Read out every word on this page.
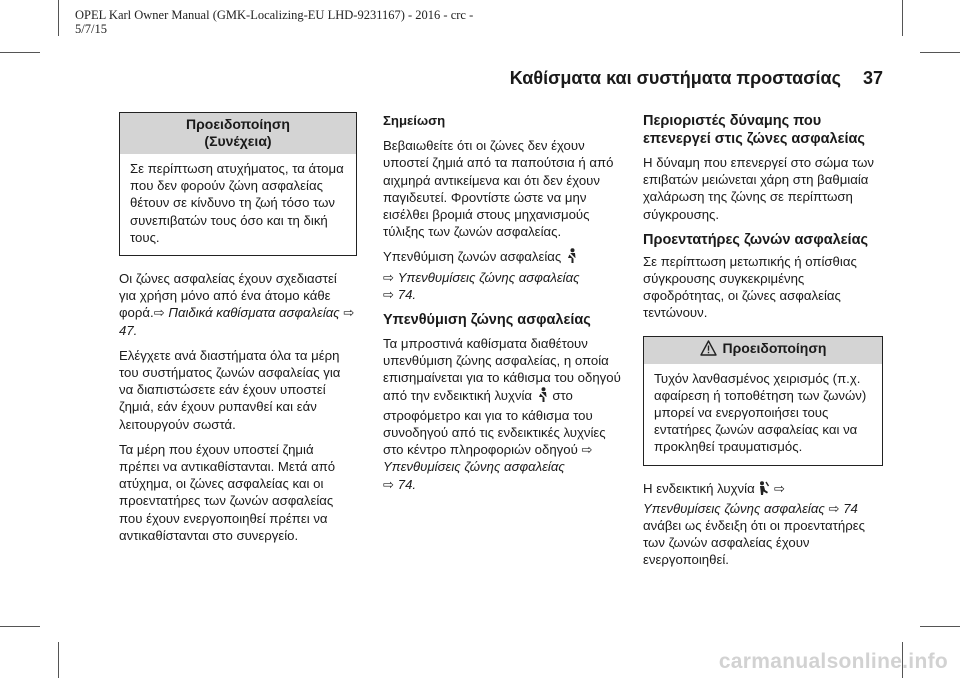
OPEL Karl Owner Manual (GMK-Localizing-EU LHD-9231167) - 2016 - crc -
5/7/15
Καθίσματα και συστήματα προστασίας 37
Προειδοποίηση
(Συνέχεια)
Σε περίπτωση ατυχήματος, τα άτομα που δεν φορούν ζώνη ασφαλείας θέτουν σε κίνδυνο τη ζωή τόσο των συνεπιβατών τους όσο και τη δική τους.

Οι ζώνες ασφαλείας έχουν σχεδιαστεί για χρήση μόνο από ένα άτομο κάθε φορά.⇨ Παιδικά καθίσματα ασφαλείας ⇨ 47.

Ελέγχετε ανά διαστήματα όλα τα μέρη του συστήματος ζωνών ασφαλείας για να διαπιστώσετε εάν έχουν υποστεί ζημιά, εάν έχουν ρυπανθεί και εάν λειτουργούν σωστά.

Τα μέρη που έχουν υποστεί ζημιά πρέπει να αντικαθίστανται. Μετά από ατύχημα, οι ζώνες ασφαλείας και οι προεντατήρες των ζωνών ασφαλείας που έχουν ενεργοποιηθεί πρέπει να αντικαθίστανται στο συνεργείο.

Σημείωση

Βεβαιωθείτε ότι οι ζώνες δεν έχουν υποστεί ζημιά από τα παπούτσια ή από αιχμηρά αντικείμενα και ότι δεν έχουν παγιδευτεί. Φροντίστε ώστε να μην εισέλθει βρομιά στους μηχανισμούς τύλιξης των ζωνών ασφαλείας.

Υπενθύμιση ζωνών ασφαλείας
⇨ Υπενθυμίσεις ζώνης ασφαλείας
⇨ 74.

Υπενθύμιση ζώνης ασφαλείας

Τα μπροστινά καθίσματα διαθέτουν υπενθύμιση ζώνης ασφαλείας, η οποία επισημαίνεται για το κάθισμα του οδηγού από την ενδεικτική λυχνία στο στροφόμετρο και για το κάθισμα του συνοδηγού από τις ενδεικτικές λυχνίες στο κέντρο πληροφοριών οδηγού ⇨
Υπενθυμίσεις ζώνης ασφαλείας
⇨ 74.

Περιοριστές δύναμης που επενεργεί στις ζώνες ασφαλείας

Η δύναμη που επενεργεί στο σώμα των επιβατών μειώνεται χάρη στη βαθμιαία χαλάρωση της ζώνης σε περίπτωση σύγκρουσης.

Προεντατήρες ζωνών ασφαλείας

Σε περίπτωση μετωπικής ή οπίσθιας σύγκρουσης συγκεκριμένης σφοδρότητας, οι ζώνες ασφαλείας τεντώνουν.

Προειδοποίηση
Τυχόν λανθασμένος χειρισμός (π.χ. αφαίρεση ή τοποθέτηση των ζωνών) μπορεί να ενεργοποιήσει τους εντατήρες ζωνών ασφαλείας και να προκληθεί τραυματισμός.

Η ενδεικτική λυχνία ⇨
Υπενθυμίσεις ζώνης ασφαλείας ⇨ 74
ανάβει ως ένδειξη ότι οι προεντατήρες των ζωνών ασφαλείας έχουν ενεργοποιηθεί.

carmanualsonline.info
